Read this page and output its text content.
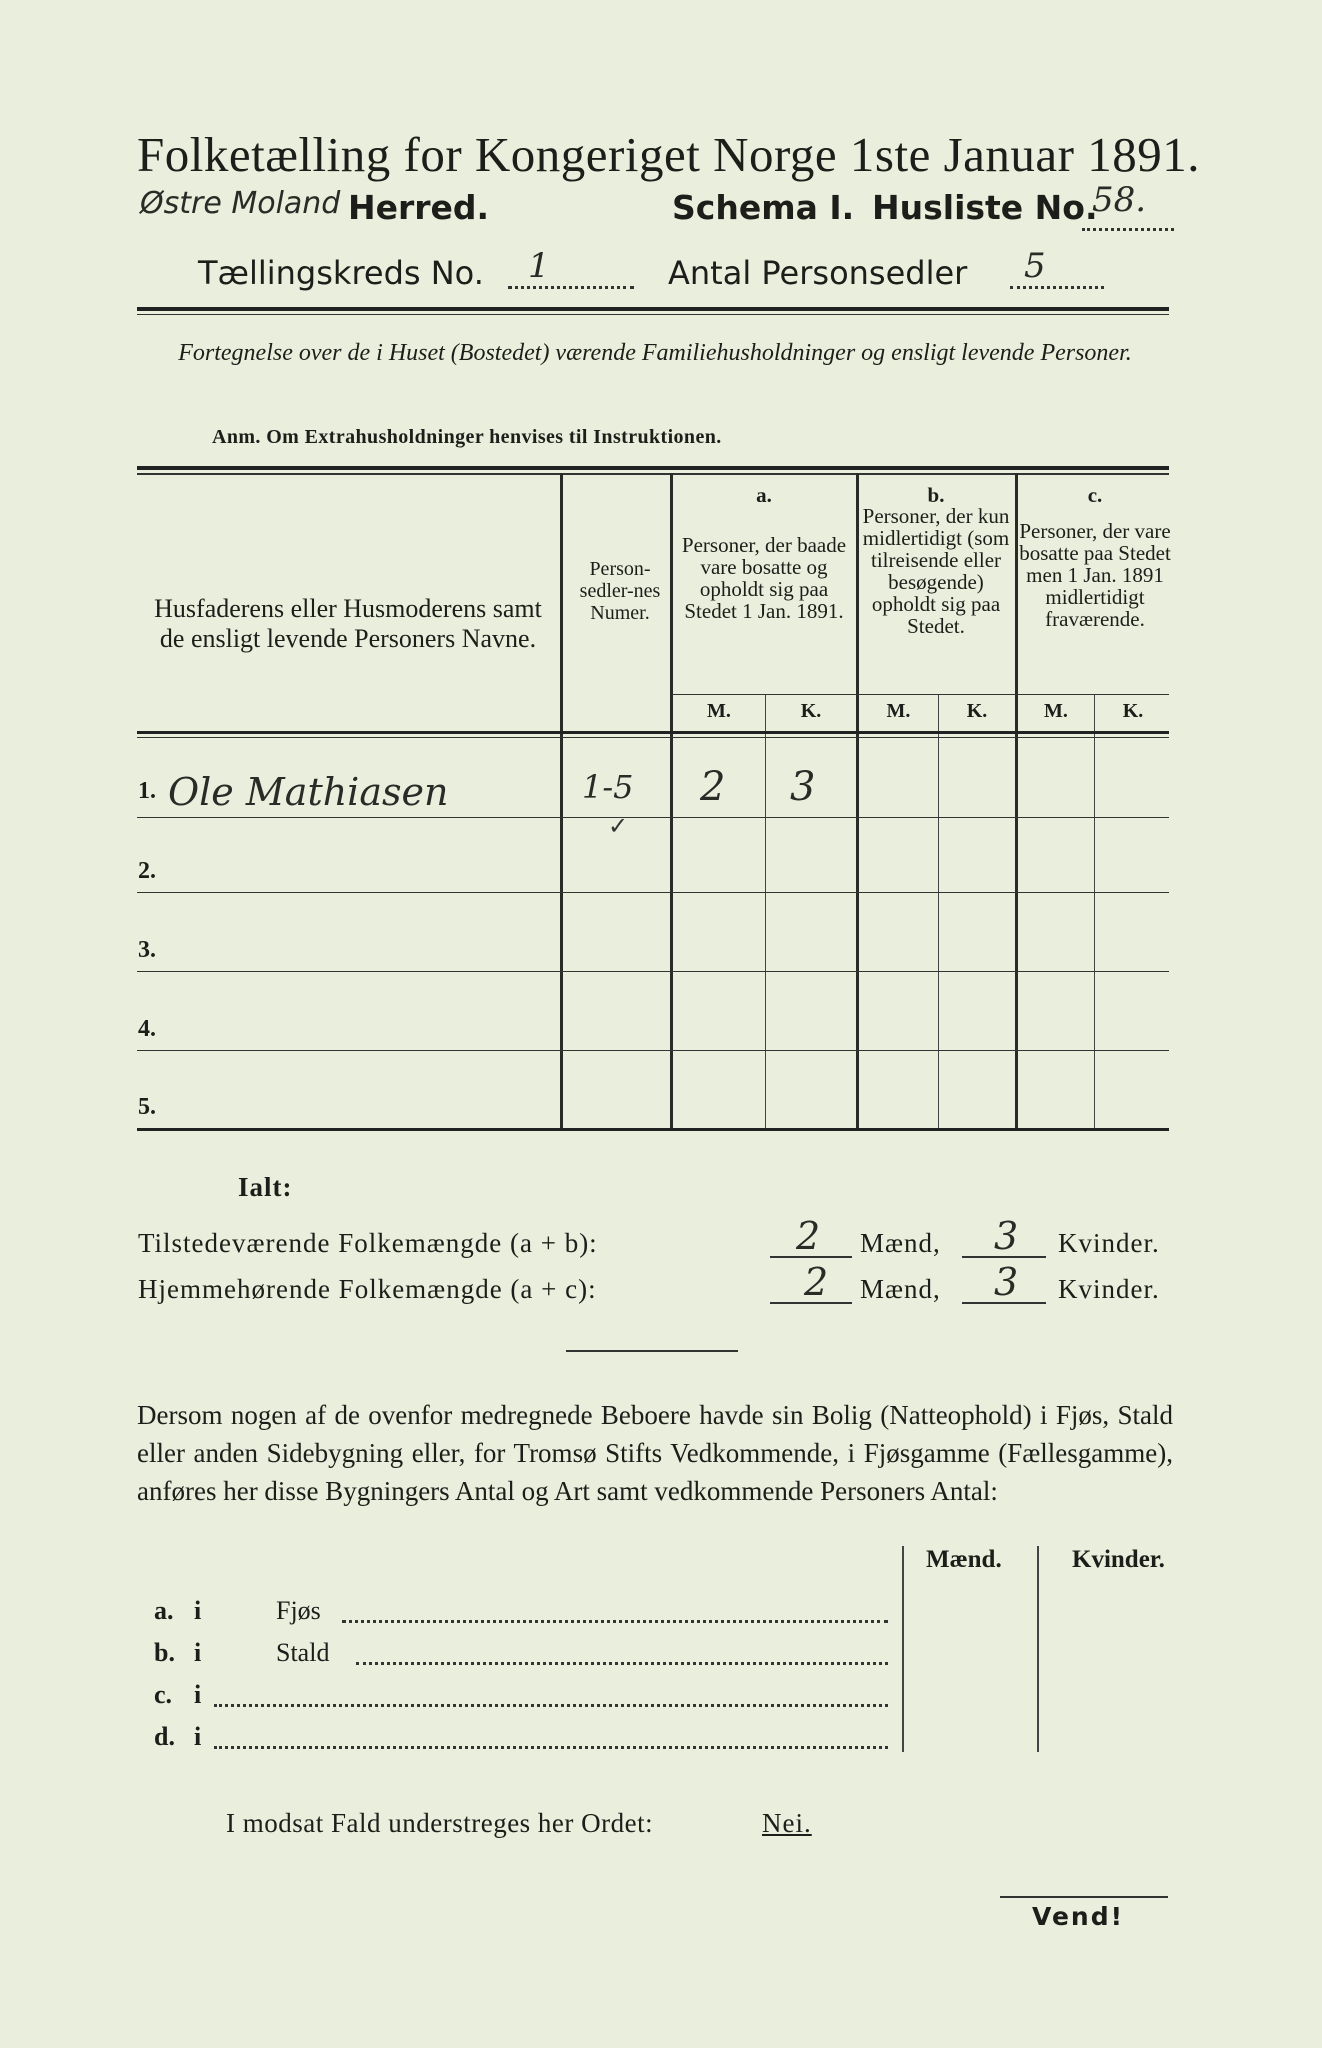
Folketælling for Kongeriget Norge 1ste Januar 1891.
Østre Moland Herred.	Schema I. Husliste No.
58.
Tællingskreds No. 1	Antal Personsedler 5
Fortegnelse over de i Huset (Bostedet) værende Familiehusholdninger og ensligt levende Personer.
Anm. Om Extrahusholdninger henvises til Instruktionen.
Husfaderens eller Husmoderens samt de ensligt levende Personers Navne.
Person-sedler-nes Numer.
a.
Personer, der baade vare bosatte og opholdt sig paa Stedet 1 Jan. 1891.
b.
Personer, der kun midlertidigt (som tilreisende eller besøgende) opholdt sig paa Stedet.
c.
Personer, der vare bosatte paa Stedet men 1 Jan. 1891 midlertidigt fraværende.
M.	K.	M.	K.	M.	K.
1. Ole Mathiasen	1-5 2 3
✓
2.
3.
4.
5.
Ialt:
Tilstedeværende Folkemængde (a + b):	2 Mænd, 3 Kvinder.
Hjemmehørende Folkemængde (a + c):	2 Mænd, 3 Kvinder.
Dersom nogen af de ovenfor medregnede Beboere havde sin Bolig (Natteophold) i Fjøs, Stald eller anden Sidebygning eller, for Tromsø Stifts Vedkommende, i Fjøsgamme (Fællesgamme), anføres her disse Bygningers Antal og Art samt vedkommende Personers Antal:
Mænd.	Kvinder.
a. i	Fjøs
b. i	Stald
c. i
d. i
I modsat Fald understreges her Ordet:	Nei.
Vend!
